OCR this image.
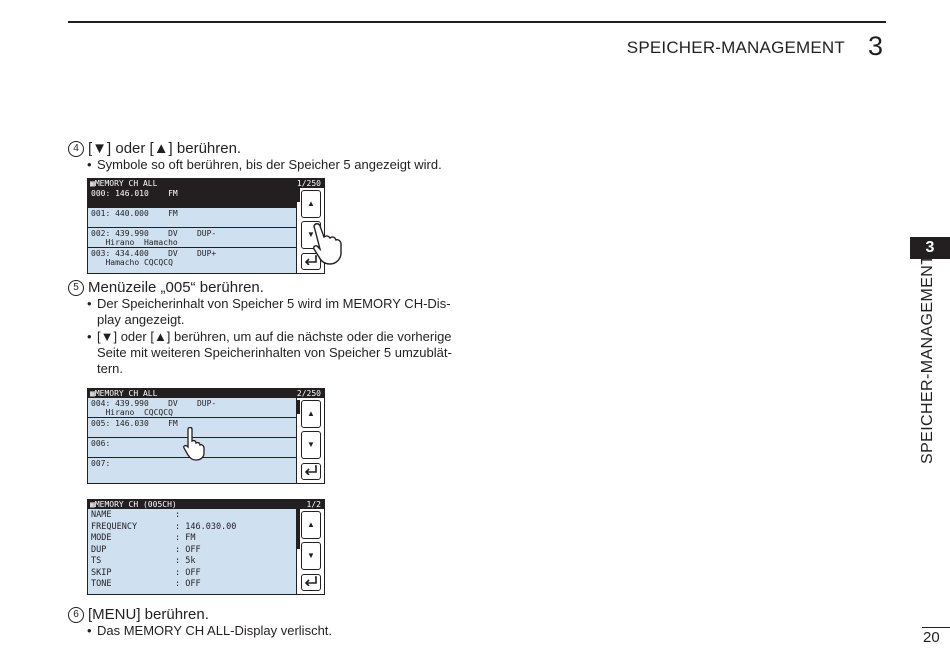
SPEICHER-MANAGEMENT 3
3
SPEICHER-MANAGEMENT
20
4 [▼] oder [▲] berühren.
• Symbole so oft berühren, bis der Speicher 5 angezeigt wird.
▦MEMORY CH ALL	1/250
000: 146.010    FM
001: 440.000    FM
002: 439.990    DV    DUP-
Hirano  Hamacho
003: 434.400    DV    DUP+
Hamacho CQCQCQ
▲
▼
5 Menüzeile „005“ berühren.
• Der Speicherinhalt von Speicher 5 wird im MEMORY CH-Dis-
play angezeigt.
• [▼] oder [▲] berühren, um auf die nächste oder die vorherige
Seite mit weiteren Speicherinhalten von Speicher 5 umzublät-
tern.
▦MEMORY CH ALL	2/250
004: 439.990    DV    DUP-
Hirano  CQCQCQ
005: 146.030    FM
006:
007:
▲
▼
▦MEMORY CH (005CH)	1/2
NAME	:
FREQUENCY	: 146.030.00
MODE	: FM
DUP	: OFF
TS	: 5k
SKIP	: OFF
TONE	: OFF
▲
▼
6 [MENU] berühren.
• Das MEMORY CH ALL-Display verlischt.
